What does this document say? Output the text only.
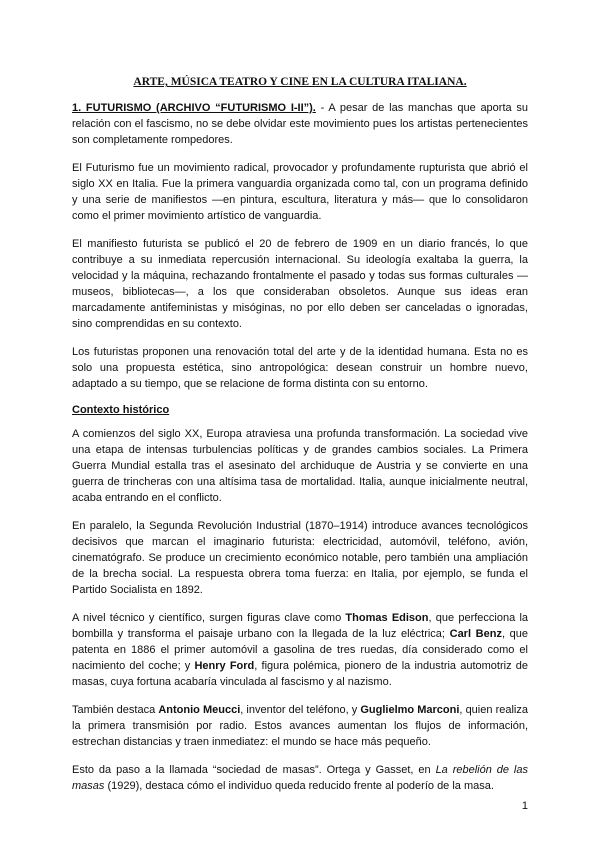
ARTE, MÚSICA TEATRO Y CINE EN LA CULTURA ITALIANA.

1. FUTURISMO (ARCHIVO “FUTURISMO I-II”). - A pesar de las manchas que aporta su relación con el fascismo, no se debe olvidar este movimiento pues los artistas pertenecientes son completamente rompedores.

El Futurismo fue un movimiento radical, provocador y profundamente rupturista que abrió el siglo XX en Italia. Fue la primera vanguardia organizada como tal, con un programa definido y una serie de manifiestos —en pintura, escultura, literatura y más— que lo consolidaron como el primer movimiento artístico de vanguardia.

El manifiesto futurista se publicó el 20 de febrero de 1909 en un diario francés, lo que contribuye a su inmediata repercusión internacional. Su ideología exaltaba la guerra, la velocidad y la máquina, rechazando frontalmente el pasado y todas sus formas culturales —museos, bibliotecas—, a los que consideraban obsoletos. Aunque sus ideas eran marcadamente antifeministas y misóginas, no por ello deben ser canceladas o ignoradas, sino comprendidas en su contexto.

Los futuristas proponen una renovación total del arte y de la identidad humana. Esta no es solo una propuesta estética, sino antropológica: desean construir un hombre nuevo, adaptado a su tiempo, que se relacione de forma distinta con su entorno.

Contexto histórico

A comienzos del siglo XX, Europa atraviesa una profunda transformación. La sociedad vive una etapa de intensas turbulencias políticas y de grandes cambios sociales. La Primera Guerra Mundial estalla tras el asesinato del archiduque de Austria y se convierte en una guerra de trincheras con una altísima tasa de mortalidad. Italia, aunque inicialmente neutral, acaba entrando en el conflicto.

En paralelo, la Segunda Revolución Industrial (1870–1914) introduce avances tecnológicos decisivos que marcan el imaginario futurista: electricidad, automóvil, teléfono, avión, cinematógrafo. Se produce un crecimiento económico notable, pero también una ampliación de la brecha social. La respuesta obrera toma fuerza: en Italia, por ejemplo, se funda el Partido Socialista en 1892.

A nivel técnico y científico, surgen figuras clave como Thomas Edison, que perfecciona la bombilla y transforma el paisaje urbano con la llegada de la luz eléctrica; Carl Benz, que patenta en 1886 el primer automóvil a gasolina de tres ruedas, día considerado como el nacimiento del coche; y Henry Ford, figura polémica, pionero de la industria automotriz de masas, cuya fortuna acabaría vinculada al fascismo y al nazismo.

También destaca Antonio Meucci, inventor del teléfono, y Guglielmo Marconi, quien realiza la primera transmisión por radio. Estos avances aumentan los flujos de información, estrechan distancias y traen inmediatez: el mundo se hace más pequeño.

Esto da paso a la llamada “sociedad de masas”. Ortega y Gasset, en La rebelión de las masas (1929), destaca cómo el individuo queda reducido frente al poderío de la masa.

1
